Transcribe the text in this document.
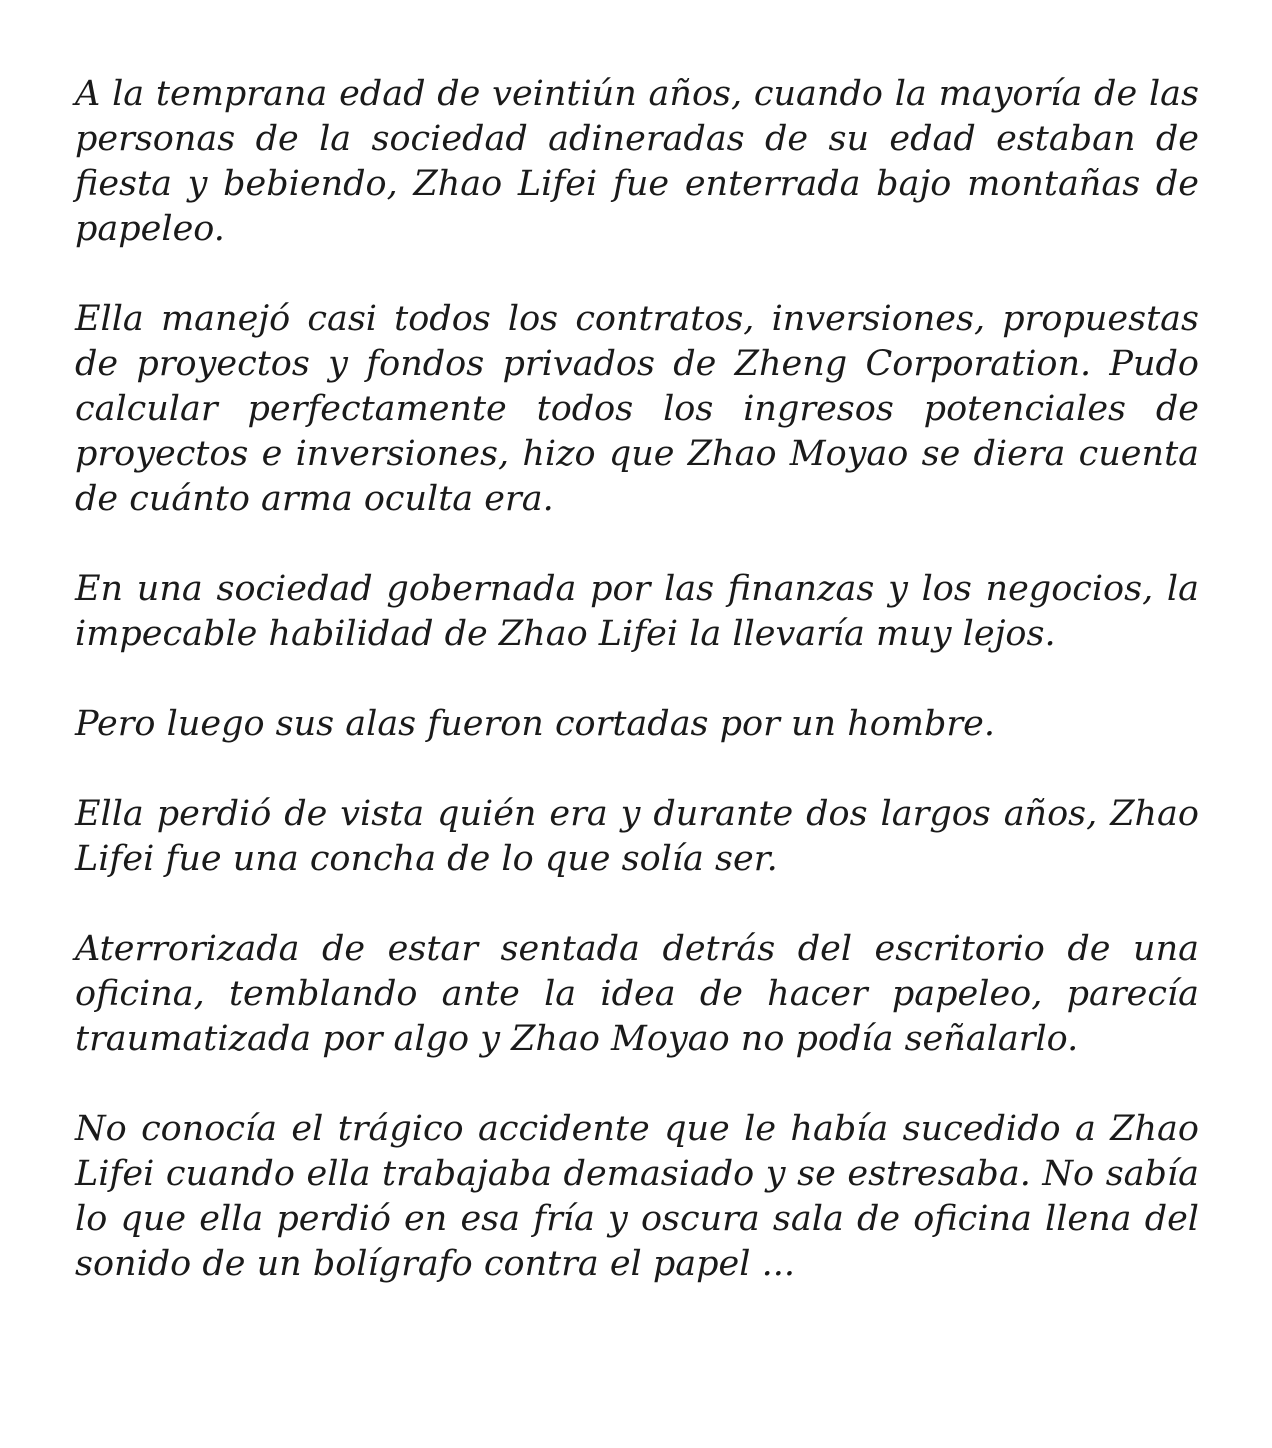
A la temprana edad de veintiún años, cuando la mayoría de las personas de la sociedad adineradas de su edad estaban de fiesta y bebiendo, Zhao Lifei fue enterrada bajo montañas de papeleo.

Ella manejó casi todos los contratos, inversiones, propuestas de proyectos y fondos privados de Zheng Corporation. Pudo calcular perfectamente todos los ingresos potenciales de proyectos e inversiones, hizo que Zhao Moyao se diera cuenta de cuánto arma oculta era.

En una sociedad gobernada por las finanzas y los negocios, la impecable habilidad de Zhao Lifei la llevaría muy lejos.

Pero luego sus alas fueron cortadas por un hombre.

Ella perdió de vista quién era y durante dos largos años, Zhao Lifei fue una concha de lo que solía ser.

Aterrorizada de estar sentada detrás del escritorio de una oficina, temblando ante la idea de hacer papeleo, parecía traumatizada por algo y Zhao Moyao no podía señalarlo.

No conocía el trágico accidente que le había sucedido a Zhao Lifei cuando ella trabajaba demasiado y se estresaba. No sabía lo que ella perdió en esa fría y oscura sala de oficina llena del sonido de un bolígrafo contra el papel ...
